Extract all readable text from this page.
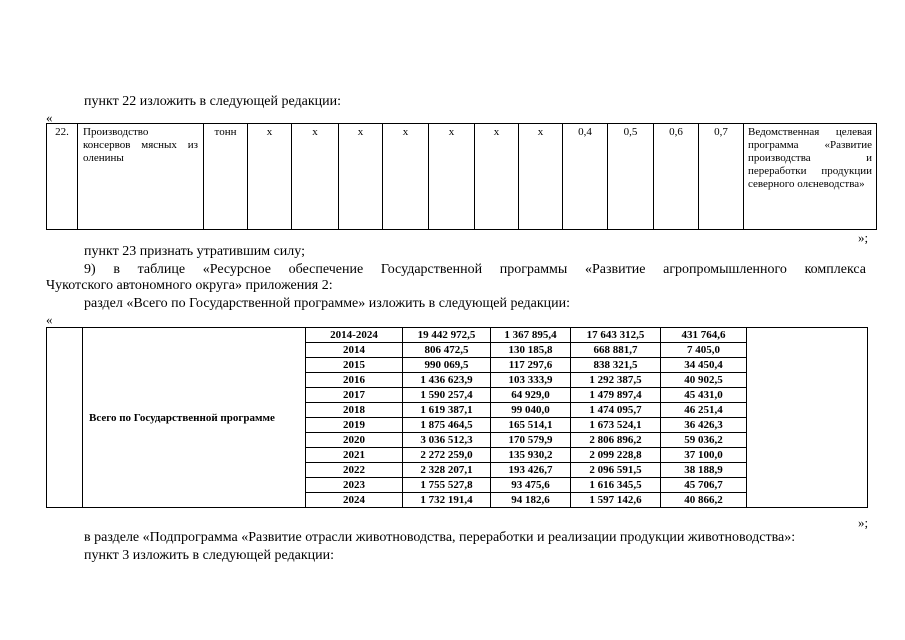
пункт 22 изложить в следующей редакции:
«
22.	Производство консервов мясных из оленины	тонн	х	х	х	х	х	х	х	0,4	0,5	0,6	0,7	Ведомственная целевая программа «Развитие производства и переработки продукции северного олєневодства»
»;
пункт 23 признать утратившим силу;
9) в таблице «Ресурсное обеспечение Государственной программы «Развитие агропромышленного комплекса
Чукотского автономного округа» приложения 2:
раздел «Всего по Государственной программе» изложить в следующей редакции:
«
	Всего по Государственной программе	2014-2024	19 442 972,5	1 367 895,4	17 643 312,5	431 764,6	
		2014	806 472,5	130 185,8	668 881,7	7 405,0	
		2015	990 069,5	117 297,6	838 321,5	34 450,4	
		2016	1 436 623,9	103 333,9	1 292 387,5	40 902,5	
		2017	1 590 257,4	64 929,0	1 479 897,4	45 431,0	
		2018	1 619 387,1	99 040,0	1 474 095,7	46 251,4	
		2019	1 875 464,5	165 514,1	1 673 524,1	36 426,3	
		2020	3 036 512,3	170 579,9	2 806 896,2	59 036,2	
		2021	2 272 259,0	135 930,2	2 099 228,8	37 100,0	
		2022	2 328 207,1	193 426,7	2 096 591,5	38 188,9	
		2023	1 755 527,8	93 475,6	1 616 345,5	45 706,7	
		2024	1 732 191,4	94 182,6	1 597 142,6	40 866,2	
»;
в разделе «Подпрограмма «Развитие отрасли животноводства, переработки и реализации продукции животноводства»:
пункт 3 изложить в следующей редакции:
